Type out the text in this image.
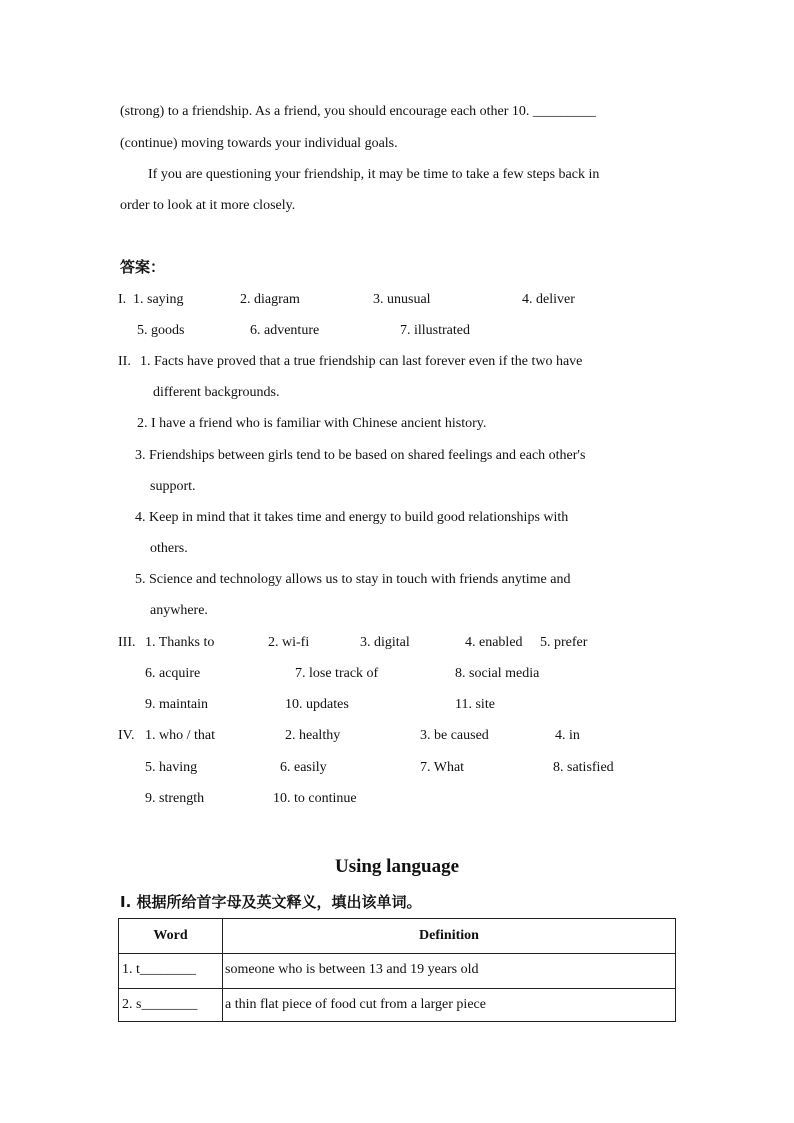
(strong) to a friendship. As a friend, you should encourage each other 10. _________
(continue) moving towards your individual goals.
If you are questioning your friendship, it may be time to take a few steps back in
order to look at it more closely.
答案：
I. 1. saying	2. diagram	3. unusual	4. deliver
5. goods	6. adventure	7. illustrated
II. 1. Facts have proved that a true friendship can last forever even if the two have
different backgrounds.
2. I have a friend who is familiar with Chinese ancient history.
3. Friendships between girls tend to be based on shared feelings and each other's
support.
4. Keep in mind that it takes time and energy to build good relationships with
others.
5. Science and technology allows us to stay in touch with friends anytime and
anywhere.
III. 1. Thanks to	2. wi-fi	3. digital	4. enabled 5. prefer
6. acquire	7. lose track of	8. social media
9. maintain	10. updates	11. site
IV. 1. who / that	2. healthy	3. be caused	4. in
5. having	6. easily	7. What	8. satisfied
9. strength	10. to continue
Using language
I. 根据所给首字母及英文释义，填出该单词。
Word	Definition
1. t________ someone who is between 13 and 19 years old
2. s________ a thin flat piece of food cut from a larger piece
